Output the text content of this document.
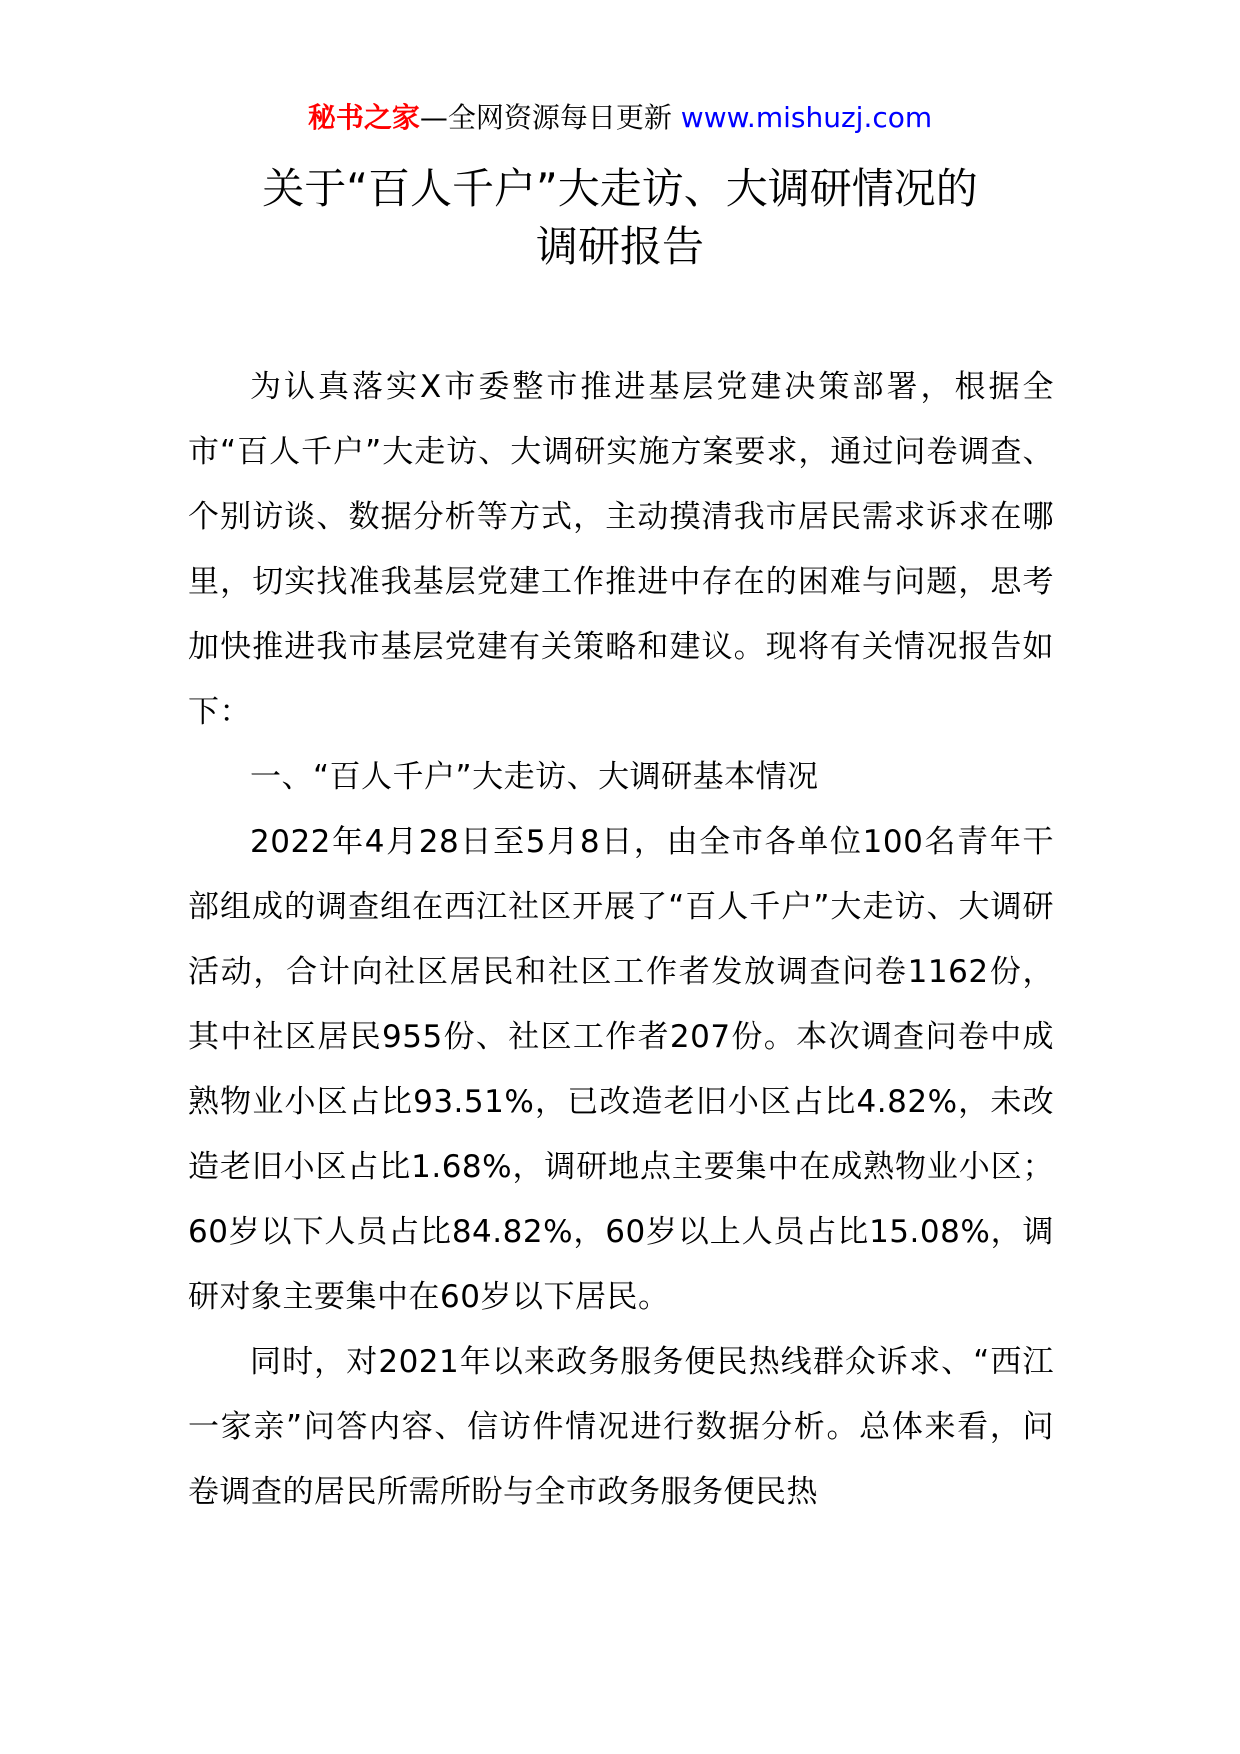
秘书之家—全网资源每日更新 www.mishuzj.com
关于“百人千户”大走访、大调研情况的
调研报告

为认真落实X市委整市推进基层党建决策部署，根据全市“百人千户”大走访、大调研实施方案要求，通过问卷调查、个别访谈、数据分析等方式，主动摸清我市居民需求诉求在哪里，切实找准我基层党建工作推进中存在的困难与问题，思考加快推进我市基层党建有关策略和建议。现将有关情况报告如下：

一、“百人千户”大走访、大调研基本情况

2022年4月28日至5月8日，由全市各单位100名青年干部组成的调查组在西江社区开展了“百人千户”大走访、大调研活动，合计向社区居民和社区工作者发放调查问卷1162份，其中社区居民955份、社区工作者207份。本次调查问卷中成熟物业小区占比93.51%，已改造老旧小区占比4.82%，未改造老旧小区占比1.68%，调研地点主要集中在成熟物业小区；60岁以下人员占比84.82%，60岁以上人员占比15.08%，调研对象主要集中在60岁以下居民。

同时，对2021年以来政务服务便民热线群众诉求、“西江一家亲”问答内容、信访件情况进行数据分析。总体来看，问卷调查的居民所需所盼与全市政务服务便民热
